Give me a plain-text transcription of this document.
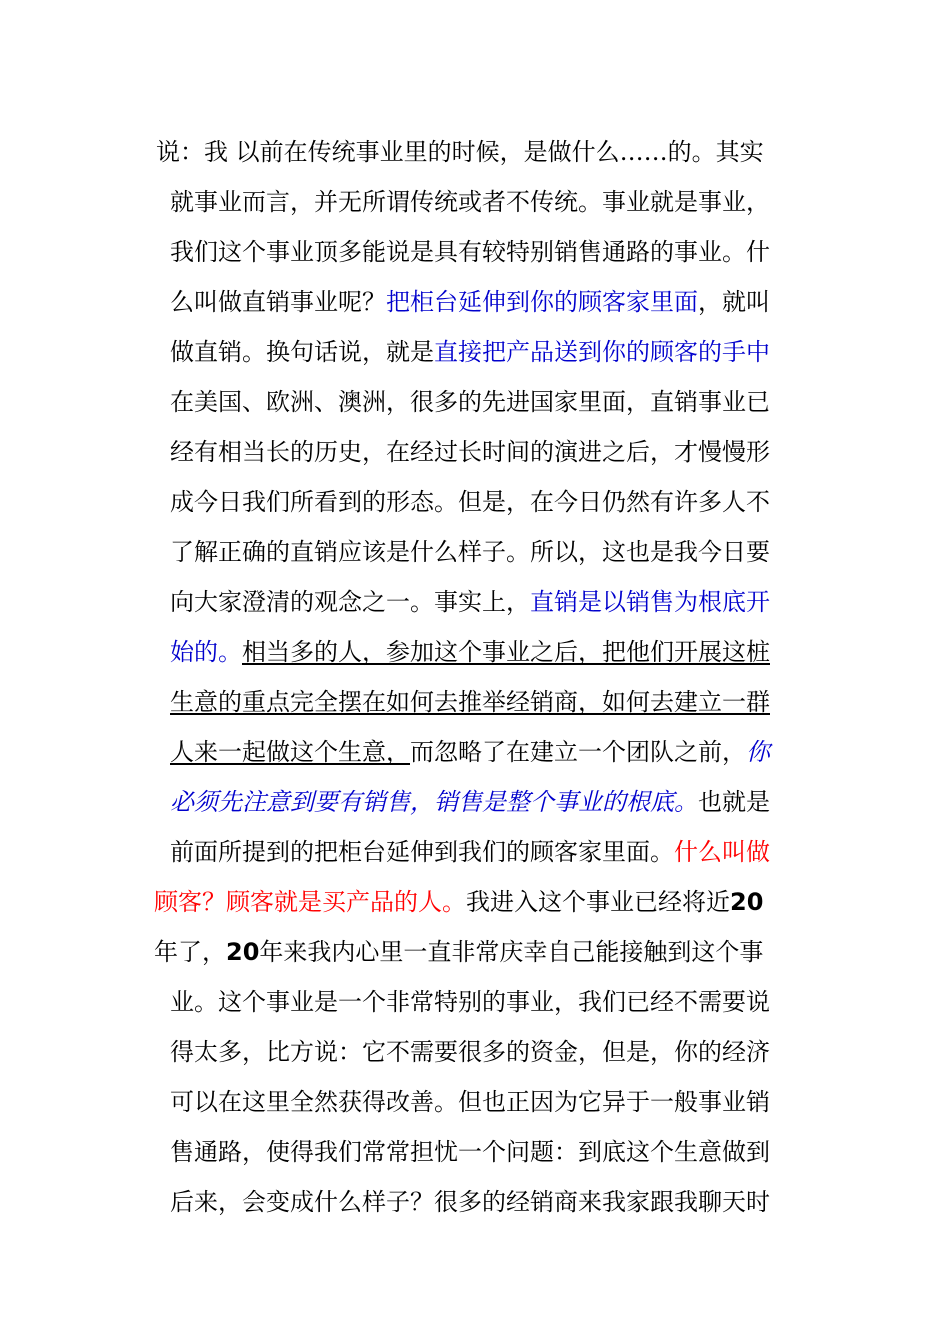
说：我 以前在传统事业里的时候，是做什么……的。其实
就事业而言，并无所谓传统或者不传统。事业就是事业，
我们这个事业顶多能说是具有较特别销售通路的事业。什
么叫做直销事业呢？把柜台延伸到你的顾客家里面，就叫
做直销。换句话说，就是直接把产品送到你的顾客的手中
在美国、欧洲、澳洲，很多的先进国家里面，直销事业已
经有相当长的历史，在经过长时间的演进之后，才慢慢形
成今日我们所看到的形态。但是，在今日仍然有许多人不
了解正确的直销应该是什么样子。所以，这也是我今日要
向大家澄清的观念之一。事实上，直销是以销售为根底开
始的。相当多的人，参加这个事业之后，把他们开展这桩
生意的重点完全摆在如何去推举经销商，如何去建立一群
人来一起做这个生意，而忽略了在建立一个团队之前，你
必须先注意到要有销售，销售是整个事业的根底。也就是
前面所提到的把柜台延伸到我们的顾客家里面。什么叫做
顾客？顾客就是买产品的人。我进入这个事业已经将近20
年了，20年来我内心里一直非常庆幸自己能接触到这个事
业。这个事业是一个非常特别的事业，我们已经不需要说
得太多，比方说：它不需要很多的资金，但是，你的经济
可以在这里全然获得改善。但也正因为它异于一般事业销
售通路，使得我们常常担忧一个问题：到底这个生意做到
后来，会变成什么样子？很多的经销商来我家跟我聊天时
